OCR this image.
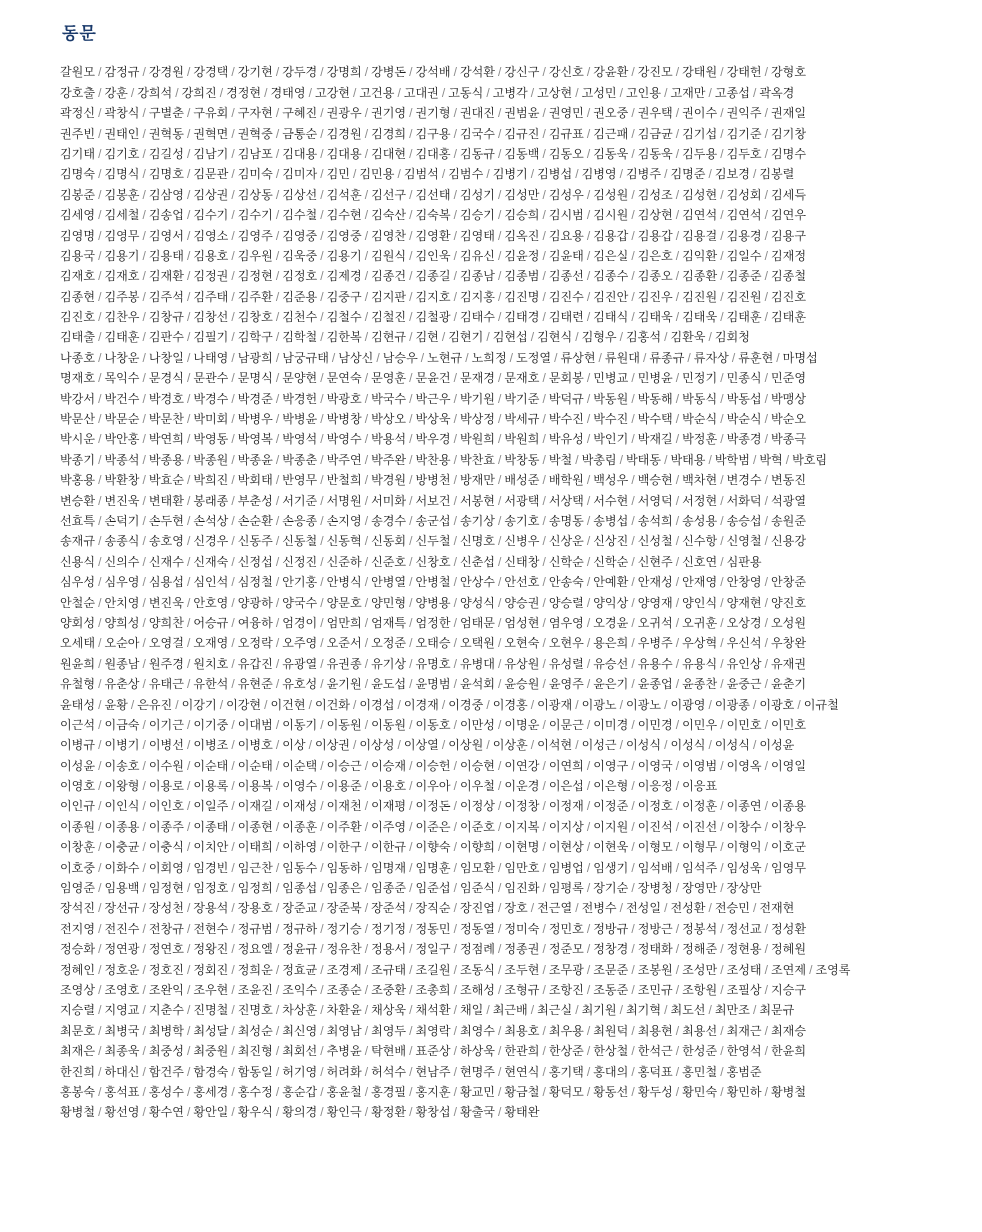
동문
갈원모 / 감정규 / 강경원 / 강경택 / 강기현 / 강두경 / 강명희 / 강병돈 / 강석배 / 강석환 / 강신구 / 강신호 / 강윤환 / 강진모 / 강태원 / 강태헌 / 강형호
강호출 / 강훈 / 강희석 / 강희진 / 경정현 / 경태영 / 고강현 / 고건용 / 고대권 / 고동식 / 고병각 / 고상현 / 고성민 / 고인용 / 고재만 / 고종섭 / 곽옥경
곽정신 / 곽창식 / 구별춘 / 구유회 / 구자현 / 구혜진 / 권광우 / 권기영 / 권기형 / 권대진 / 권범윤 / 권영민 / 권오중 / 권우택 / 권이수 / 권익주 / 권재일
권주빈 / 권태인 / 권혁동 / 권혁면 / 권혁중 / 금통순 / 김경원 / 김경희 / 김구용 / 김국수 / 김규진 / 김규표 / 김근패 / 김금균 / 김기섭 / 김기준 / 김기창
김기태 / 김기호 / 김길성 / 김남기 / 김남포 / 김대용 / 김대용 / 김대현 / 김대홍 / 김동규 / 김동백 / 김동오 / 김동욱 / 김동욱 / 김두용 / 김두호 / 김명수
김명숙 / 김명식 / 김명호 / 김문관 / 김미숙 / 김미자 / 김민 / 김민용 / 김범석 / 김범수 / 김병기 / 김병섭 / 김병영 / 김병주 / 김명준 / 김보경 / 김봉렬
김봉준 / 김봉훈 / 김삼영 / 김상권 / 김상동 / 김상선 / 김석훈 / 김선구 / 김선태 / 김성기 / 김성만 / 김성우 / 김성원 / 김성조 / 김성현 / 김성회 / 김세득
김세영 / 김세철 / 김송업 / 김수기 / 김수기 / 김수철 / 김수현 / 김숙산 / 김숙복 / 김승기 / 김승희 / 김시범 / 김시원 / 김상현 / 김연석 / 김연석 / 김연우
김영명 / 김영무 / 김영서 / 김영소 / 김영주 / 김영중 / 김영중 / 김영찬 / 김영환 / 김영태 / 김옥진 / 김요용 / 김용갑 / 김용갑 / 김용걸 / 김용경 / 김용구
김용국 / 김용기 / 김용태 / 김용호 / 김우원 / 김욱중 / 김용기 / 김원식 / 김인욱 / 김유신 / 김윤정 / 김윤태 / 김은실 / 김은호 / 김익환 / 김일수 / 김재정
김재호 / 김재호 / 김재환 / 김정권 / 김정현 / 김정호 / 김제경 / 김종건 / 김종길 / 김종남 / 김종범 / 김종선 / 김종수 / 김종오 / 김종환 / 김종준 / 김종철
김종현 / 김주봉 / 김주석 / 김주태 / 김주환 / 김준용 / 김중구 / 김지판 / 김지호 / 김지홍 / 김진명 / 김진수 / 김진안 / 김진우 / 김진원 / 김진원 / 김진호
김진호 / 김찬우 / 김창규 / 김창선 / 김창호 / 김천수 / 김철수 / 김철진 / 김철광 / 김태수 / 김태경 / 김태련 / 김태식 / 김태욱 / 김태욱 / 김태훈 / 김태훈
김태출 / 김태훈 / 김판수 / 김필기 / 김학구 / 김학철 / 김한복 / 김현규 / 김현 / 김현기 / 김현섭 / 김현식 / 김형우 / 김홍석 / 김환욱 / 김회청
나종호 / 나창운 / 나창일 / 나태영 / 남광희 / 남궁규태 / 남상신 / 남승우 / 노현규 / 노희정 / 도정열 / 류상현 / 류원대 / 류종규 / 류자상 / 류훈현 / 마명섭
명재호 / 목익수 / 문경식 / 문관수 / 문명식 / 문양현 / 문연숙 / 문영훈 / 문윤건 / 문재경 / 문재호 / 문회봉 / 민병교 / 민병윤 / 민정기 / 민종식 / 민준영
박강서 / 박건수 / 박경호 / 박경수 / 박경준 / 박경헌 / 박광호 / 박국수 / 박근우 / 박기원 / 박기준 / 박덕규 / 박동원 / 박동해 / 박동식 / 박동섭 / 박맹상
박문산 / 박문순 / 박문찬 / 박미회 / 박병우 / 박병윤 / 박병창 / 박상오 / 박상욱 / 박상정 / 박세규 / 박수진 / 박수진 / 박수택 / 박순식 / 박순식 / 박순오
박시운 / 박안홍 / 박연희 / 박영동 / 박영복 / 박영석 / 박영수 / 박용석 / 박우경 / 박원희 / 박원희 / 박유성 / 박인기 / 박재길 / 박정훈 / 박종경 / 박종극
박종기 / 박종석 / 박종용 / 박종원 / 박종윤 / 박종춘 / 박주연 / 박주완 / 박찬용 / 박찬효 / 박창동 / 박철 / 박총림 / 박태동 / 박태용 / 박학범 / 박혁 / 박호림
박홍용 / 박환창 / 박효순 / 박희진 / 박회태 / 반영무 / 반철희 / 박경원 / 방병천 / 방재만 / 배성준 / 배학원 / 백성우 / 백승현 / 백차현 / 변경수 / 변동진
변승환 / 변진욱 / 변태환 / 봉래종 / 부춘성 / 서기준 / 서명원 / 서미화 / 서보건 / 서봉현 / 서광택 / 서상택 / 서수현 / 서영덕 / 서정현 / 서화덕 / 석광열
선효특 / 손덕기 / 손두현 / 손석상 / 손순환 / 손응종 / 손지영 / 송경수 / 송군섭 / 송기상 / 송기호 / 송명동 / 송병섭 / 송석희 / 송성용 / 송승섭 / 송원준
송재규 / 송종식 / 송호영 / 신경우 / 신동주 / 신동철 / 신동혁 / 신동회 / 신두철 / 신명호 / 신병우 / 신상운 / 신상진 / 신성철 / 신수항 / 신영철 / 신용강
신용식 / 신의수 / 신재수 / 신재숙 / 신정섭 / 신정진 / 신준하 / 신준호 / 신창호 / 신춘섭 / 신태창 / 신학순 / 신학순 / 신현주 / 신호연 / 심판용
심우성 / 심우영 / 심용섭 / 심인석 / 심정철 / 안기홍 / 안병식 / 안병열 / 안병철 / 안상수 / 안선호 / 안송숙 / 안예환 / 안재성 / 안재영 / 안창영 / 안창준
안철순 / 안치영 / 변진욱 / 안호영 / 양광하 / 양국수 / 양문호 / 양민형 / 양병용 / 양성식 / 양승권 / 양승렬 / 양익상 / 양영재 / 양인식 / 양재현 / 양진호
양회성 / 양희성 / 양희찬 / 어승규 / 여융하 / 엄경이 / 엄만희 / 엄재특 / 엄정한 / 엄태문 / 엄성현 / 염우영 / 오경윤 / 오귀석 / 오귀훈 / 오상경 / 오성원
오세태 / 오순아 / 오영걸 / 오재영 / 오정락 / 오주영 / 오준서 / 오정준 / 오태승 / 오택원 / 오현숙 / 오현우 / 용은희 / 우병주 / 우상혁 / 우신석 / 우창완
원윤희 / 원종남 / 원주경 / 원치호 / 유갑진 / 유광열 / 유권종 / 유기상 / 유명호 / 유병대 / 유상원 / 유성렬 / 유승선 / 유용수 / 유용식 / 유인상 / 유재권
유철형 / 유춘상 / 유태근 / 유한석 / 유현준 / 유호성 / 윤기원 / 윤도섭 / 윤명범 / 윤석회 / 윤승원 / 윤영주 / 윤은기 / 윤종업 / 윤종찬 / 윤중근 / 윤춘기
윤태성 / 윤황 / 은유진 / 이강기 / 이강현 / 이건현 / 이건화 / 이경섭 / 이경재 / 이경중 / 이경홍 / 이광재 / 이광노 / 이광노 / 이광영 / 이광종 / 이광호 / 이규철
이근석 / 이금숙 / 이기근 / 이기중 / 이대범 / 이동기 / 이동원 / 이동원 / 이동호 / 이만성 / 이명운 / 이문근 / 이미경 / 이민경 / 이민우 / 이민호 / 이민호
이병규 / 이병기 / 이병선 / 이병조 / 이병호 / 이상 / 이상권 / 이상성 / 이상열 / 이상원 / 이상훈 / 이석현 / 이성근 / 이성식 / 이성식 / 이성식 / 이성윤
이성윤 / 이송호 / 이수원 / 이순태 / 이순태 / 이순택 / 이승근 / 이승재 / 이승헌 / 이승현 / 이연강 / 이연희 / 이영구 / 이영국 / 이영범 / 이영옥 / 이영일
이영호 / 이왕형 / 이용로 / 이용록 / 이용복 / 이영수 / 이용준 / 이용호 / 이우아 / 이우철 / 이운경 / 이은섭 / 이은형 / 이응정 / 이응표
이인규 / 이인식 / 이인호 / 이일주 / 이재길 / 이재성 / 이재천 / 이재평 / 이정돈 / 이정상 / 이정창 / 이정재 / 이정준 / 이정호 / 이정훈 / 이종연 / 이종용
이종원 / 이종용 / 이종주 / 이종태 / 이종현 / 이종훈 / 이주환 / 이주영 / 이준은 / 이준호 / 이지복 / 이지상 / 이지원 / 이진석 / 이진선 / 이창수 / 이창우
이창훈 / 이충균 / 이충식 / 이치안 / 이태희 / 이하영 / 이한구 / 이한규 / 이향숙 / 이향희 / 이현명 / 이현상 / 이현욱 / 이형모 / 이형무 / 이형익 / 이호군
이호중 / 이화수 / 이회영 / 임경빈 / 임근찬 / 임동수 / 임동하 / 임명재 / 임명훈 / 임모환 / 임만호 / 임병업 / 임생기 / 임석배 / 임석주 / 임성욱 / 임영무
임영준 / 임용백 / 임정현 / 임정호 / 임정희 / 임종섭 / 임종은 / 임종준 / 임준섭 / 임준식 / 임진화 / 임평록 / 장기순 / 장병청 / 장영만 / 장상만
장석진 / 장선규 / 장성천 / 장용석 / 장용호 / 장준교 / 장준북 / 장준석 / 장직순 / 장진엽 / 장호 / 전근열 / 전병수 / 전성일 / 전성환 / 전승민 / 전재현
전지영 / 전진수 / 전창규 / 전현수 / 정규범 / 정규하 / 정기승 / 정기정 / 정동민 / 정동열 / 정미숙 / 정민호 / 정방규 / 정방근 / 정봉석 / 정선교 / 정성환
정승화 / 정연광 / 정연호 / 정왕진 / 정요엘 / 정윤규 / 정유찬 / 정용서 / 정일구 / 정점례 / 정종권 / 정준모 / 정창경 / 정태화 / 정해준 / 정현용 / 정혜원
정혜인 / 정호운 / 정호진 / 정회진 / 정희운 / 정효균 / 조경제 / 조규태 / 조길원 / 조동식 / 조두현 / 조무광 / 조문준 / 조봉원 / 조성만 / 조성태 / 조연제 / 조영록
조영상 / 조영호 / 조완익 / 조우현 / 조윤진 / 조익수 / 조종순 / 조중환 / 조총희 / 조해성 / 조형규 / 조항진 / 조동준 / 조민규 / 조항원 / 조필상 / 지승구
지승렬 / 지영교 / 지춘수 / 진명철 / 진명호 / 차상훈 / 차환윤 / 채상욱 / 채석환 / 채일 / 최근배 / 최근실 / 최기원 / 최기혁 / 최도선 / 최만조 / 최문규
최문호 / 최병국 / 최병학 / 최성달 / 최성순 / 최신영 / 최영남 / 최영두 / 최영락 / 최영수 / 최용호 / 최우용 / 최원덕 / 최용현 / 최용선 / 최재근 / 최재승
최재은 / 최종욱 / 최중성 / 최중원 / 최진형 / 최회선 / 추병윤 / 탁현배 / 표준상 / 하상욱 / 한관희 / 한상준 / 한상철 / 한석근 / 한성준 / 한영석 / 한윤희
한진희 / 하대신 / 함건주 / 함경숙 / 함동일 / 허기영 / 허려화 / 허석수 / 현남주 / 현명주 / 현연식 / 홍기택 / 홍대의 / 홍덕표 / 홍민철 / 홍범준
홍봉숙 / 홍석표 / 홍성수 / 홍세경 / 홍수정 / 홍순갑 / 홍윤철 / 홍경필 / 홍지훈 / 황교민 / 황금철 / 황덕모 / 황동선 / 황두성 / 황민숙 / 황민하 / 황병철
황병철 / 황선영 / 황수연 / 황안일 / 황우식 / 황의경 / 황인극 / 황정환 / 황창섭 / 황출국 / 황태완
